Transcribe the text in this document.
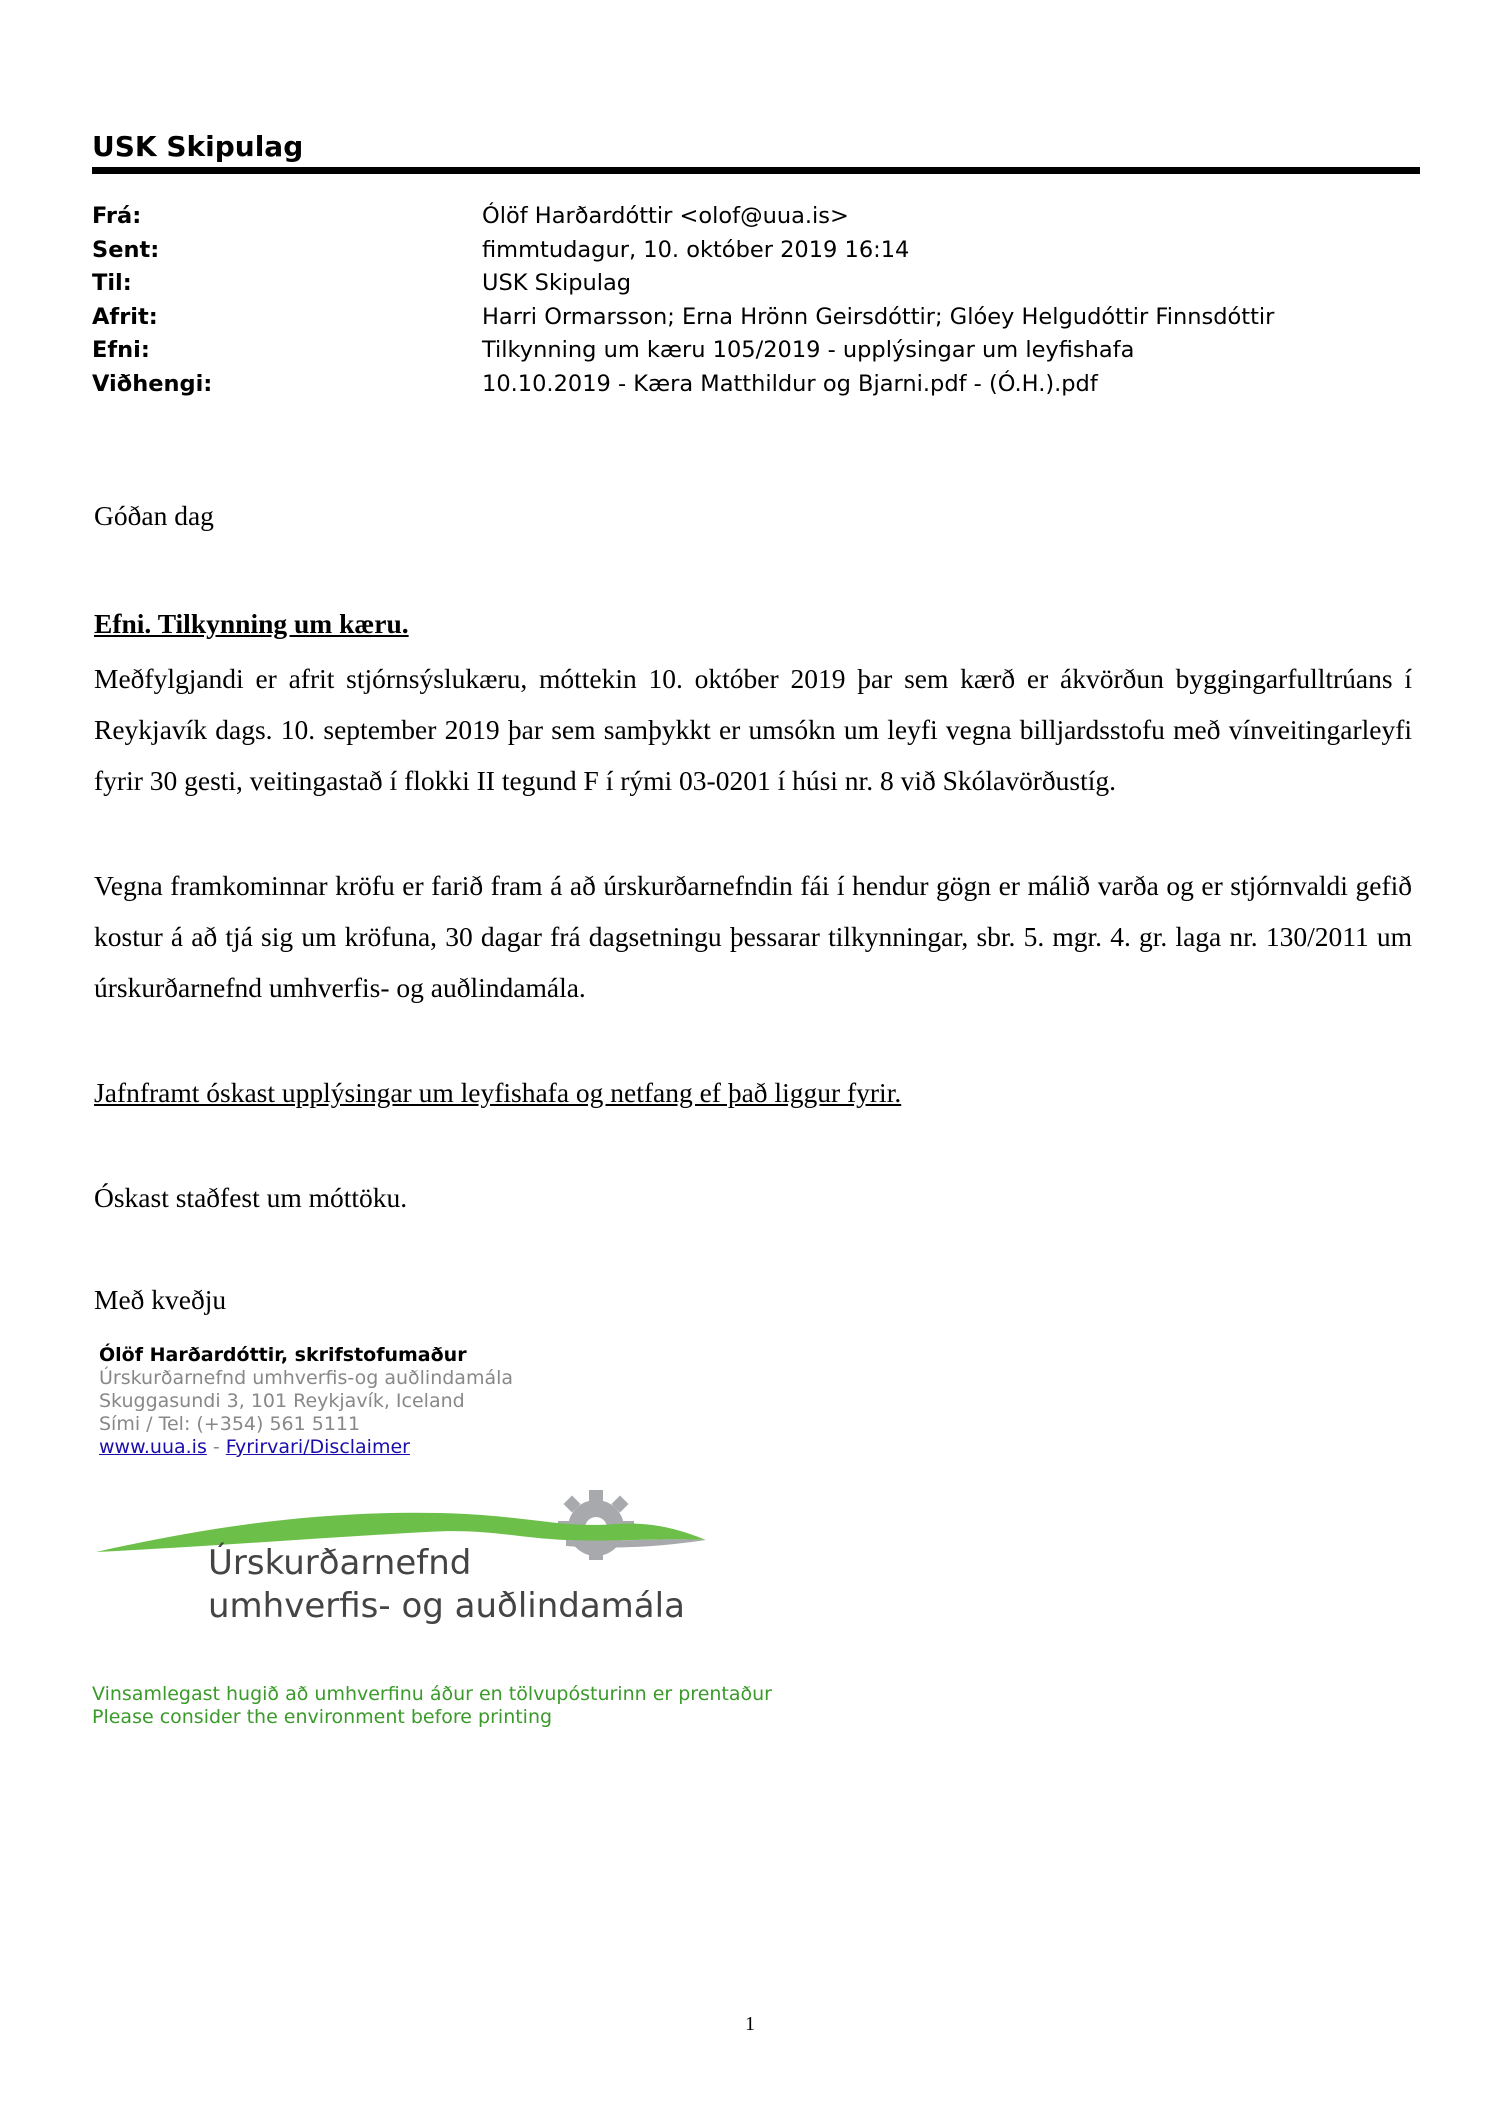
USK Skipulag
Frá:	Ólöf Harðardóttir <olof@uua.is>
Sent:	fimmtudagur, 10. október 2019 16:14
Til:	USK Skipulag
Afrit:	Harri Ormarsson; Erna Hrönn Geirsdóttir; Glóey Helgudóttir Finnsdóttir
Efni:	Tilkynning um kæru 105/2019 - upplýsingar um leyfishafa
Viðhengi:	10.10.2019 - Kæra Matthildur og Bjarni.pdf - (Ó.H.).pdf
Góðan dag
Efni. Tilkynning um kæru.
Meðfylgjandi er afrit stjórnsýslukæru, móttekin 10. október 2019 þar sem kærð er ákvörðun byggingarfulltrúans í Reykjavík dags. 10. september 2019 þar sem samþykkt er umsókn um leyfi vegna billjardsstofu með vínveitingarleyfi fyrir 30 gesti, veitingastað í flokki II tegund F í rými 03-0201 í húsi nr. 8 við Skólavörðustíg.
Vegna framkominnar kröfu er farið fram á að úrskurðarnefndin fái í hendur gögn er málið varða og er stjórnvaldi gefið kostur á að tjá sig um kröfuna, 30 dagar frá dagsetningu þessarar tilkynningar, sbr. 5. mgr. 4. gr. laga nr. 130/2011 um úrskurðarnefnd umhverfis- og auðlindamála.
Jafnframt óskast upplýsingar um leyfishafa og netfang ef það liggur fyrir.
Óskast staðfest um móttöku.
Með kveðju
Ólöf Harðardóttir, skrifstofumaður
Úrskurðarnefnd umhverfis-og auðlindamála
Skuggasundi 3, 101 Reykjavík, Iceland
Sími / Tel: (+354) 561 5111
www.uua.is - Fyrirvari/Disclaimer
Úrskurðarnefnd
umhverfis- og auðlindamála
Vinsamlegast hugið að umhverfinu áður en tölvupósturinn er prentaður
Please consider the environment before printing
1
